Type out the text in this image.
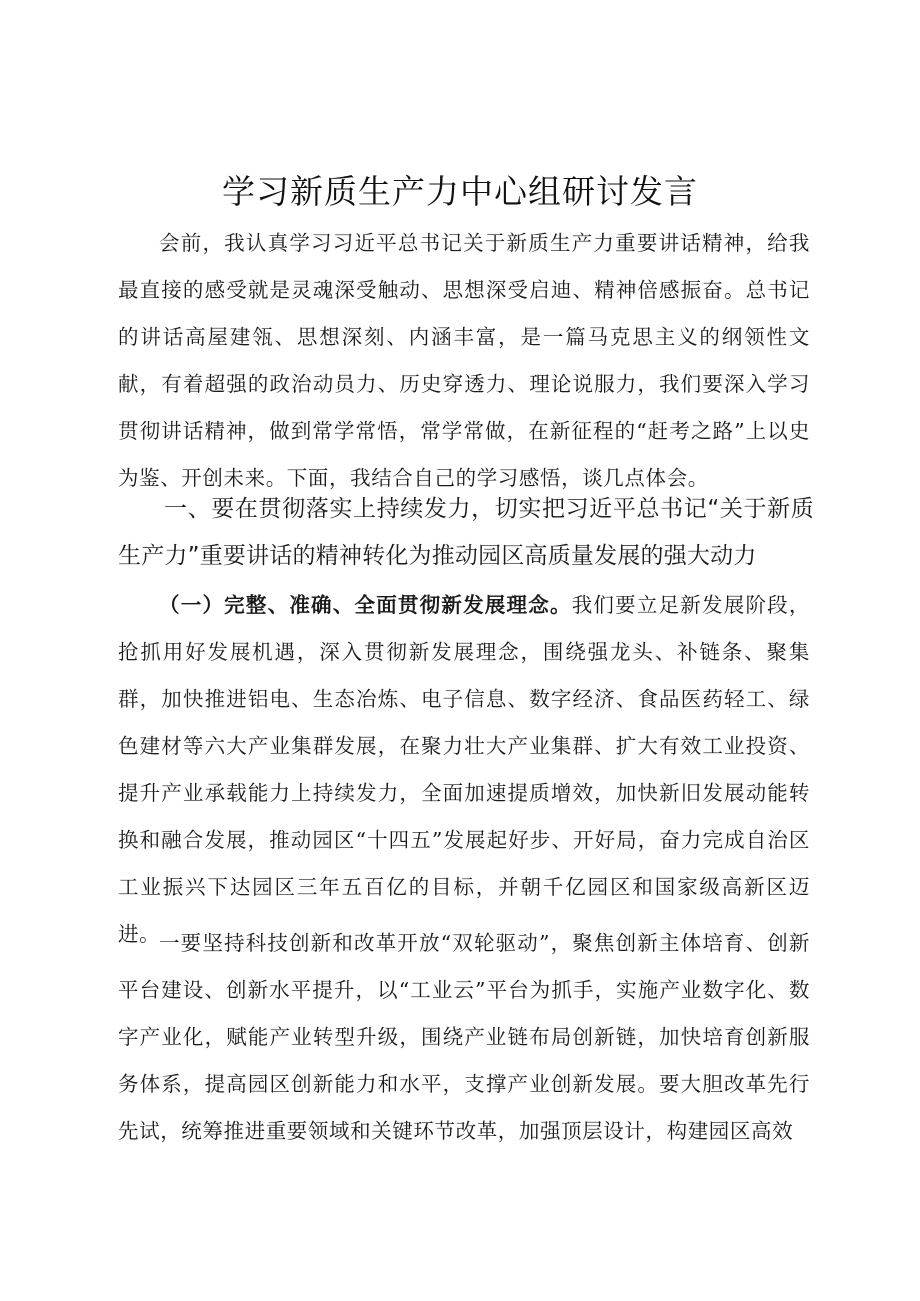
学习新质生产力中心组研讨发言

会前，我认真学习习近平总书记关于新质生产力重要讲话精神，给我最直接的感受就是灵魂深受触动、思想深受启迪、精神倍感振奋。总书记的讲话高屋建瓴、思想深刻、内涵丰富，是一篇马克思主义的纲领性文献，有着超强的政治动员力、历史穿透力、理论说服力，我们要深入学习贯彻讲话精神，做到常学常悟，常学常做，在新征程的“赶考之路”上以史为鉴、开创未来。下面，我结合自己的学习感悟，谈几点体会。

一、要在贯彻落实上持续发力，切实把习近平总书记“关于新质生产力”重要讲话的精神转化为推动园区高质量发展的强大动力

（一）完整、准确、全面贯彻新发展理念。我们要立足新发展阶段，抢抓用好发展机遇，深入贯彻新发展理念，围绕强龙头、补链条、聚集群，加快推进铝电、生态冶炼、电子信息、数字经济、食品医药轻工、绿色建材等六大产业集群发展，在聚力壮大产业集群、扩大有效工业投资、提升产业承载能力上持续发力，全面加速提质增效，加快新旧发展动能转换和融合发展，推动园区“十四五”发展起好步、开好局，奋力完成自治区工业振兴下达园区三年五百亿的目标，并朝千亿园区和国家级高新区迈进。

一要坚持科技创新和改革开放“双轮驱动”，聚焦创新主体培育、创新平台建设、创新水平提升，以“工业云”平台为抓手，实施产业数字化、数字产业化，赋能产业转型升级，围绕产业链布局创新链，加快培育创新服务体系，提高园区创新能力和水平，支撑产业创新发展。要大胆改革先行先试，统筹推进重要领域和关键环节改革，加强顶层设计，构建园区高效
